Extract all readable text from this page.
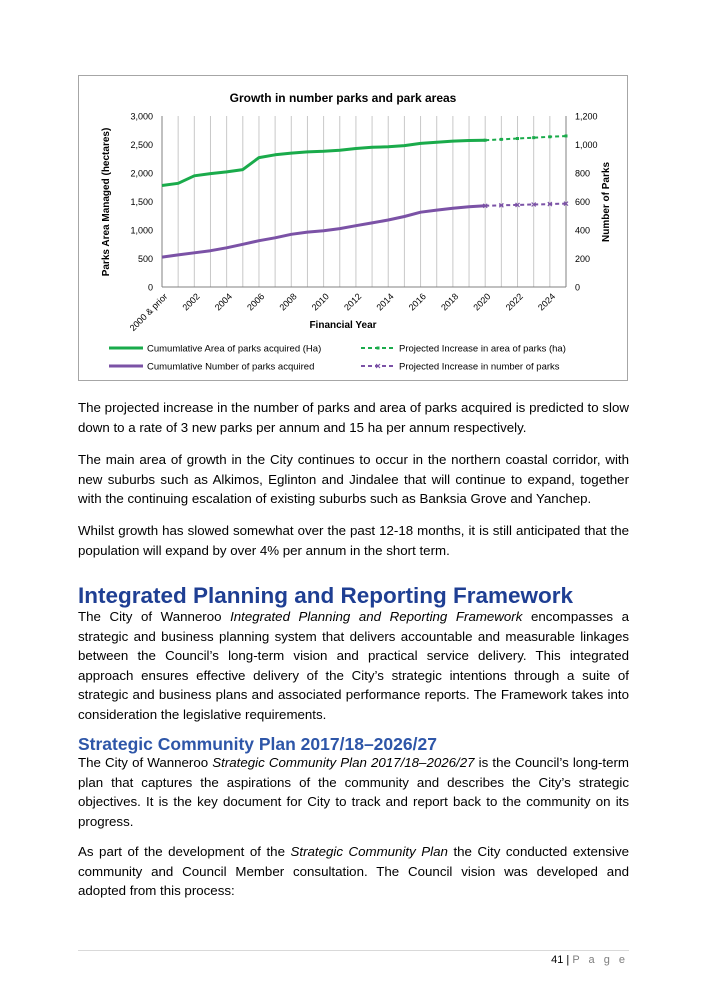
Growth in number parks and park areas
0
500
1,000
1,500
2,000
2,500
3,000
0
200
400
600
800
1,000
1,200
2000 & prior 2002 2004 2006 2008 2010 2012 2014 2016 2018 2020 2022 2024
Parks Area Managed (hectares)	Number of Parks
Financial Year
Cumumlative Area of parks acquired (Ha)	Projected Increase in area of parks (ha)
Cumumlative Number of parks acquired	Projected Increase in number of parks

The projected increase in the number of parks and area of parks acquired is predicted to slow down to a rate of 3 new parks per annum and 15 ha per annum respectively.

The main area of growth in the City continues to occur in the northern coastal corridor, with new suburbs such as Alkimos, Eglinton and Jindalee that will continue to expand, together with the continuing escalation of existing suburbs such as Banksia Grove and Yanchep.

Whilst growth has slowed somewhat over the past 12-18 months, it is still anticipated that the population will expand by over 4% per annum in the short term.

Integrated Planning and Reporting Framework

The City of Wanneroo Integrated Planning and Reporting Framework encompasses a strategic and business planning system that delivers accountable and measurable linkages between the Council’s long-term vision and practical service delivery. This integrated approach ensures effective delivery of the City’s strategic intentions through a suite of strategic and business plans and associated performance reports. The Framework takes into consideration the legislative requirements.

Strategic Community Plan 2017/18–2026/27

The City of Wanneroo Strategic Community Plan 2017/18–2026/27 is the Council’s long-term plan that captures the aspirations of the community and describes the City’s strategic objectives. It is the key document for City to track and report back to the community on its progress.

As part of the development of the Strategic Community Plan the City conducted extensive community and Council Member consultation. The Council vision was developed and adopted from this process:

41 | P a g e
